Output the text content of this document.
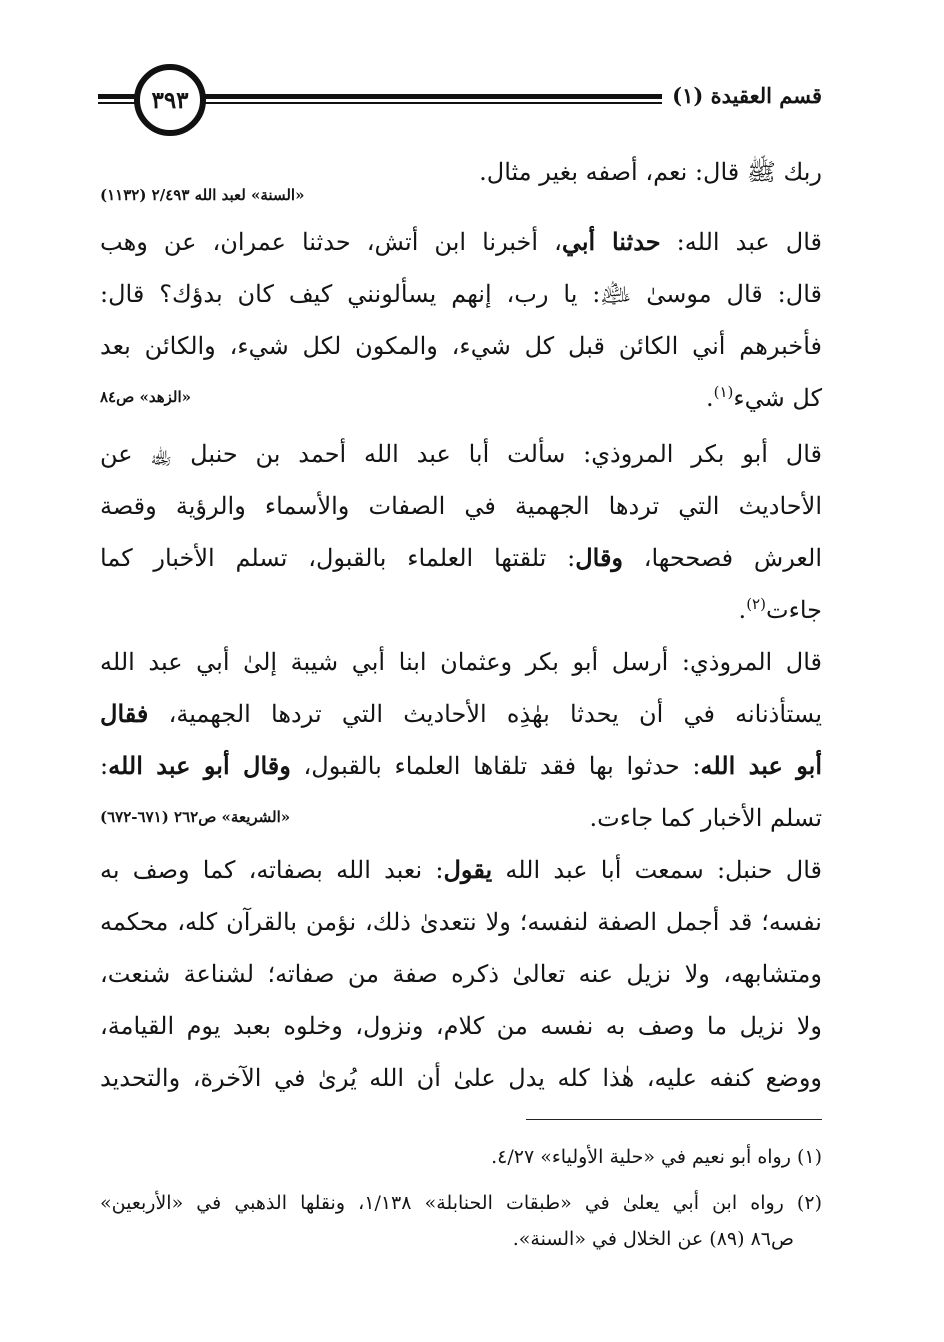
قسم العقيدة (١)
٣٩٣
ربك ﷺ قال: نعم، أصفه بغير مثال.
«السنة» لعبد الله ٢/٤٩٣ (١١٣٢)
قال عبد الله: حدثنا أبي، أخبرنا ابن أتش، حدثنا عمران، عن وهب
قال: قال موسىٰ ﵇: يا رب، إنهم يسألونني كيف كان بدؤك؟ قال:
فأخبرهم أني الكائن قبل كل شيء، والمكون لكل شيء، والكائن بعد
كل شيء$^{(١)}$.
«الزهد» ص٨٤
قال أبو بكر المروذي: سألت أبا عبد الله أحمد بن حنبل ﵀ عن
الأحاديث التي تردها الجهمية في الصفات والأسماء والرؤية وقصة
العرش فصححها، وقال: تلقتها العلماء بالقبول، تسلم الأخبار كما
جاءت$^{(٢)}$.
قال المروذي: أرسل أبو بكر وعثمان ابنا أبي شيبة إلىٰ أبي عبد الله
يستأذنانه في أن يحدثا بهٰذِه الأحاديث التي تردها الجهمية، فقال
أبو عبد الله: حدثوا بها فقد تلقاها العلماء بالقبول، وقال أبو عبد الله:
تسلم الأخبار كما جاءت.
«الشريعة» ص٢٦٢ (٦٧١-٦٧٢)
قال حنبل: سمعت أبا عبد الله يقول: نعبد الله بصفاته، كما وصف به
نفسه؛ قد أجمل الصفة لنفسه؛ ولا نتعدىٰ ذلك، نؤمن بالقرآن كله، محكمه
ومتشابهه، ولا نزيل عنه تعالىٰ ذكره صفة من صفاته؛ لشناعة شنعت،
ولا نزيل ما وصف به نفسه من كلام، ونزول، وخلوه بعبد يوم القيامة،
ووضع كنفه عليه، هٰذا كله يدل علىٰ أن الله يُرىٰ في الآخرة، والتحديد
(١) رواه أبو نعيم في «حلية الأولياء» ٤/٢٧.
(٢) رواه ابن أبي يعلىٰ في «طبقات الحنابلة» ١/١٣٨، ونقلها الذهبي في «الأربعين»
ص٨٦ (٨٩) عن الخلال في «السنة».
